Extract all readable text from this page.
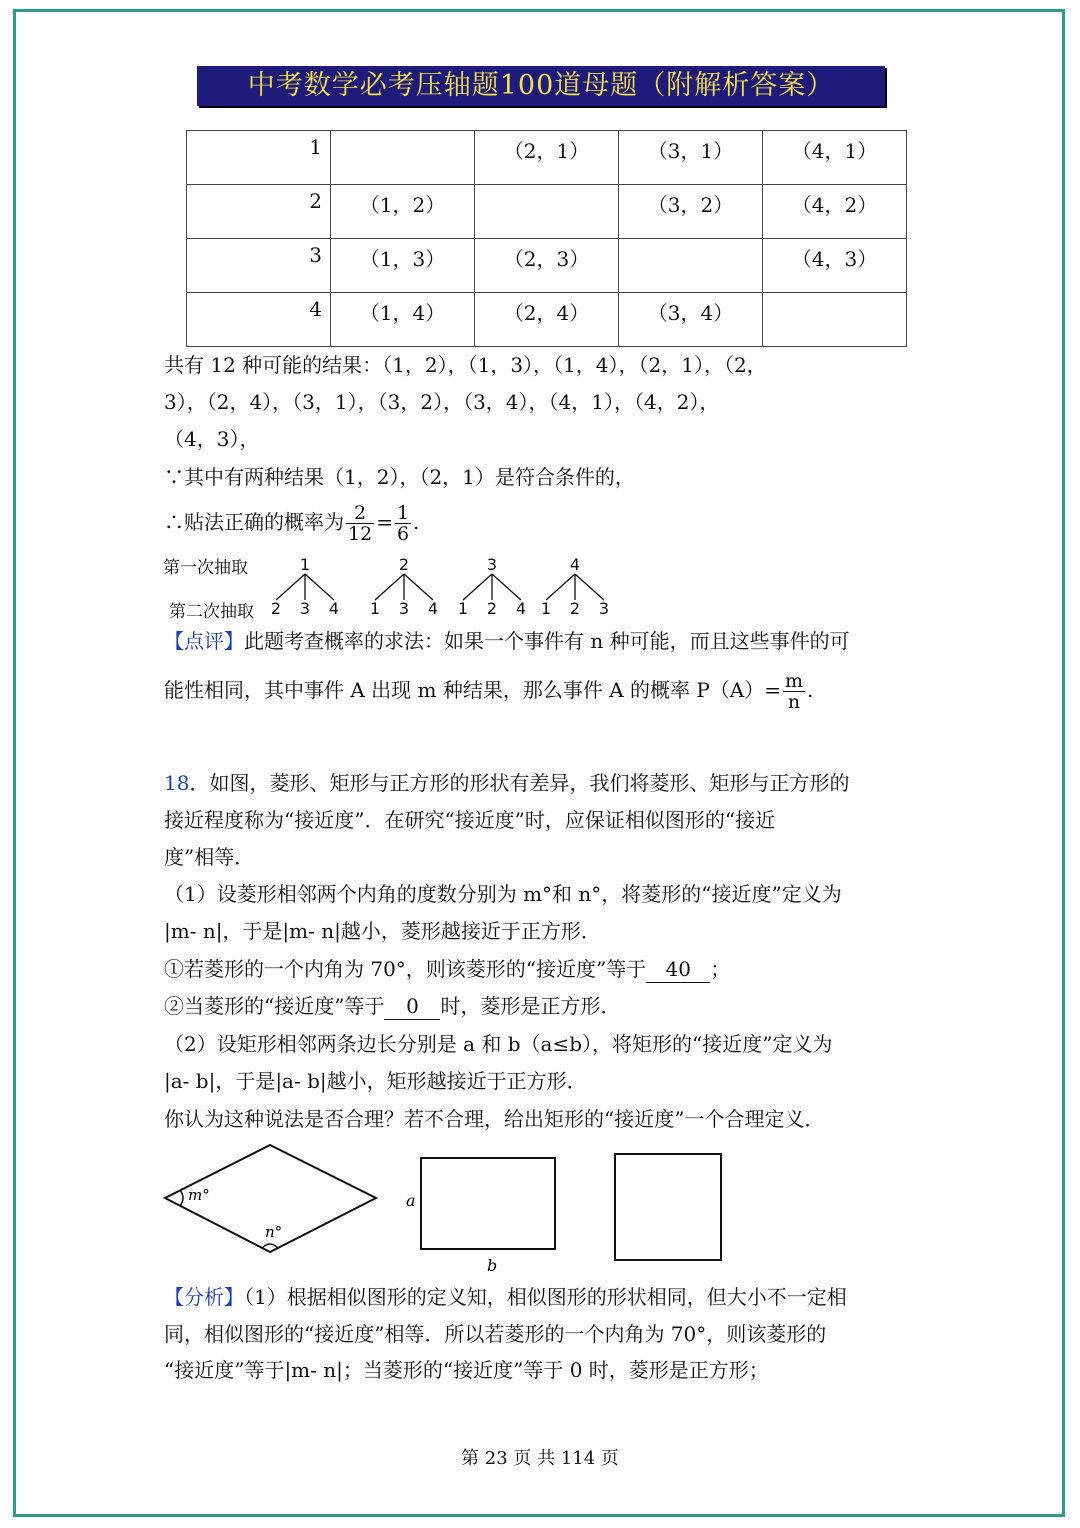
中考数学必考压轴题100道母题（附解析答案）
1		（2，1）	（3，1）	（4，1）
2	（1，2）		（3，2）	（4，2）
3	（1，3）	（2，3）		（4，3）
4	（1，4）	（2，4）	（3，4）	
共有 12 种可能的结果：（1，2），（1，3），（1，4），（2，1），（2，
3），（2，4），（3，1），（3，2），（3，4），（4，1），（4，2），
（4，3），
∵其中有两种结果（1，2），（2，1）是符合条件的，
∴贴法正确的概率为 $\frac{2}{12} = \frac{1}{6}$ .
第一次抽取
第二次抽取
1
2 3 4
2
1 3 4
3
1 2 4
4
1 2 3
【点评】此题考查概率的求法：如果一个事件有 n 种可能，而且这些事件的可
能性相同，其中事件 A 出现 m 种结果，那么事件 A 的概率 $P(A)= \frac{m}{n}$ .
18．如图，菱形、矩形与正方形的形状有差异，我们将菱形、矩形与正方形的
接近程度称为“接近度”．在研究“接近度”时，应保证相似图形的“接近
度”相等．
（1）设菱形相邻两个内角的度数分别为 m°和 n°，将菱形的“接近度”定义为
|m- n|，于是|m- n|越小，菱形越接近于正方形．
①若菱形的一个内角为 70°，则该菱形的“接近度”等于 40 ；
②当菱形的“接近度”等于 0 时，菱形是正方形．
（2）设矩形相邻两条边长分别是 a 和 b（a≤b），将矩形的“接近度”定义为
|a- b|，于是|a- b|越小，矩形越接近于正方形．
你认为这种说法是否合理？若不合理，给出矩形的“接近度”一个合理定义．
m°
n°
a
b
【分析】（1）根据相似图形的定义知，相似图形的形状相同，但大小不一定相
同，相似图形的“接近度”相等．所以若菱形的一个内角为 70°，则该菱形的
“接近度”等于|m- n|；当菱形的“接近度”等于 0 时，菱形是正方形；
第 23 页 共 114 页
